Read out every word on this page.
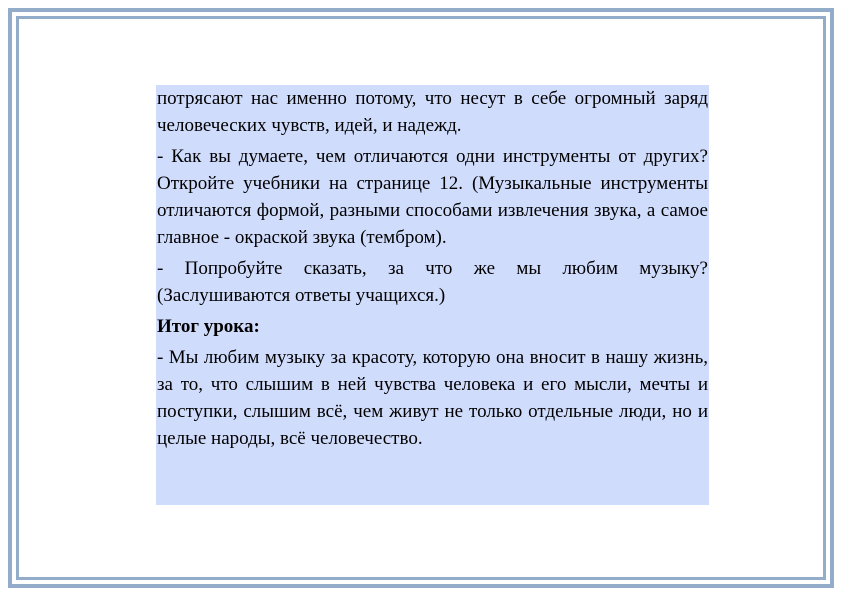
потрясают нас именно потому, что несут в себе огромный заряд человеческих чувств, идей, и надежд.

- Как вы думаете, чем отличаются одни инструменты от других? Откройте учебники на странице 12. (Музыкальные инструменты отличаются формой, разными способами извлечения звука, а самое главное - окраской звука (тембром).

- Попробуйте сказать, за что же мы любим музыку? (Заслушиваются ответы учащихся.)

Итог урока:

- Мы любим музыку за красоту, которую она вносит в нашу жизнь, за то, что слышим в ней чувства человека и его мысли, мечты и поступки, слышим всё, чем живут не только отдельные люди, но и целые народы, всё человечество.
